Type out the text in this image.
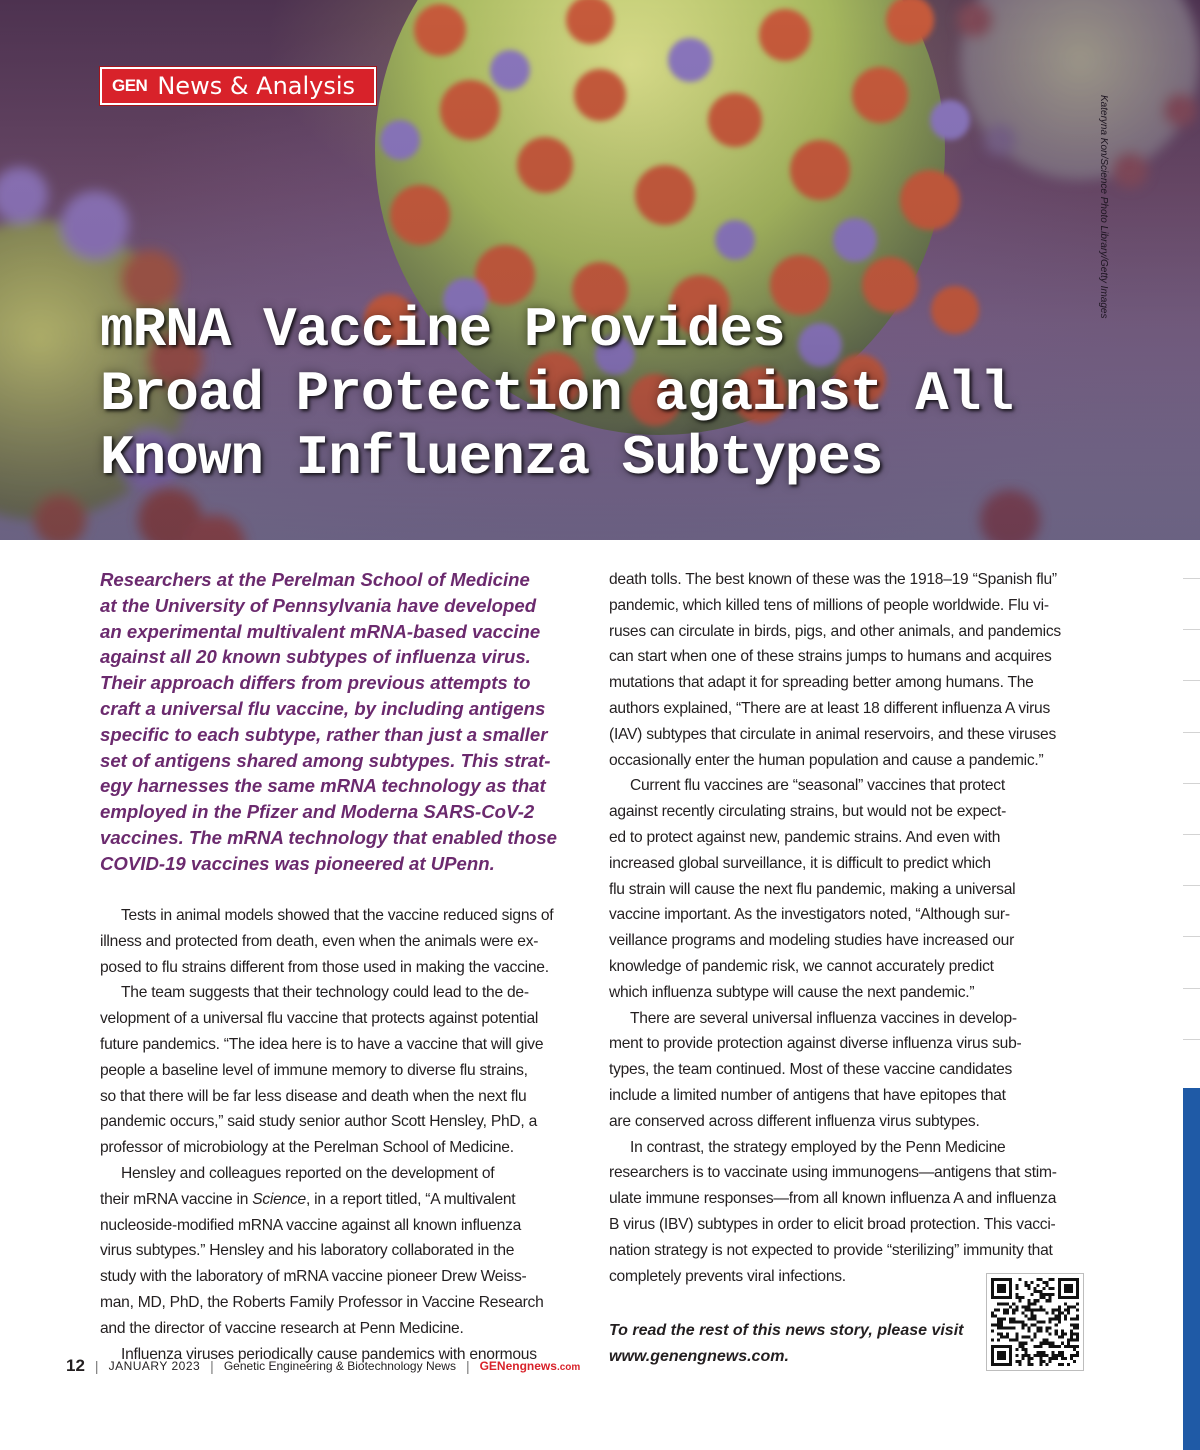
GEN News & Analysis
Kateryna Kon/Science Photo Library/Getty Images
mRNA Vaccine Provides
Broad Protection against All
Known Influenza Subtypes
Researchers at the Perelman School of Medicine
at the University of Pennsylvania have developed
an experimental multivalent mRNA-based vaccine
against all 20 known subtypes of influenza virus.
Their approach differs from previous attempts to
craft a universal flu vaccine, by including antigens
specific to each subtype, rather than just a smaller
set of antigens shared among subtypes. This strat-
egy harnesses the same mRNA technology as that
employed in the Pfizer and Moderna SARS-CoV-2
vaccines. The mRNA technology that enabled those
COVID-19 vaccines was pioneered at UPenn.
Tests in animal models showed that the vaccine reduced signs of
illness and protected from death, even when the animals were ex-
posed to flu strains different from those used in making the vaccine.
The team suggests that their technology could lead to the de-
velopment of a universal flu vaccine that protects against potential
future pandemics. “The idea here is to have a vaccine that will give
people a baseline level of immune memory to diverse flu strains,
so that there will be far less disease and death when the next flu
pandemic occurs,” said study senior author Scott Hensley, PhD, a
professor of microbiology at the Perelman School of Medicine.
Hensley and colleagues reported on the development of
their mRNA vaccine in Science, in a report titled, “A multivalent
nucleoside-modified mRNA vaccine against all known influenza
virus subtypes.” Hensley and his laboratory collaborated in the
study with the laboratory of mRNA vaccine pioneer Drew Weiss-
man, MD, PhD, the Roberts Family Professor in Vaccine Research
and the director of vaccine research at Penn Medicine.
Influenza viruses periodically cause pandemics with enormous
death tolls. The best known of these was the 1918–19 “Spanish flu”
pandemic, which killed tens of millions of people worldwide. Flu vi-
ruses can circulate in birds, pigs, and other animals, and pandemics
can start when one of these strains jumps to humans and acquires
mutations that adapt it for spreading better among humans. The
authors explained, “There are at least 18 different influenza A virus
(IAV) subtypes that circulate in animal reservoirs, and these viruses
occasionally enter the human population and cause a pandemic.”
Current flu vaccines are “seasonal” vaccines that protect
against recently circulating strains, but would not be expect-
ed to protect against new, pandemic strains. And even with
increased global surveillance, it is difficult to predict which
flu strain will cause the next flu pandemic, making a universal
vaccine important. As the investigators noted, “Although sur-
veillance programs and modeling studies have increased our
knowledge of pandemic risk, we cannot accurately predict
which influenza subtype will cause the next pandemic.”
There are several universal influenza vaccines in develop-
ment to provide protection against diverse influenza virus sub-
types, the team continued. Most of these vaccine candidates
include a limited number of antigens that have epitopes that
are conserved across different influenza virus subtypes.
In contrast, the strategy employed by the Penn Medicine
researchers is to vaccinate using immunogens—antigens that stim-
ulate immune responses—from all known influenza A and influenza
B virus (IBV) subtypes in order to elicit broad protection. This vacci-
nation strategy is not expected to provide “sterilizing” immunity that
completely prevents viral infections.
To read the rest of this news story, please visit
www.genengnews.com.
12 | JANUARY 2023 | Genetic Engineering & Biotechnology News | GENengnews.com
